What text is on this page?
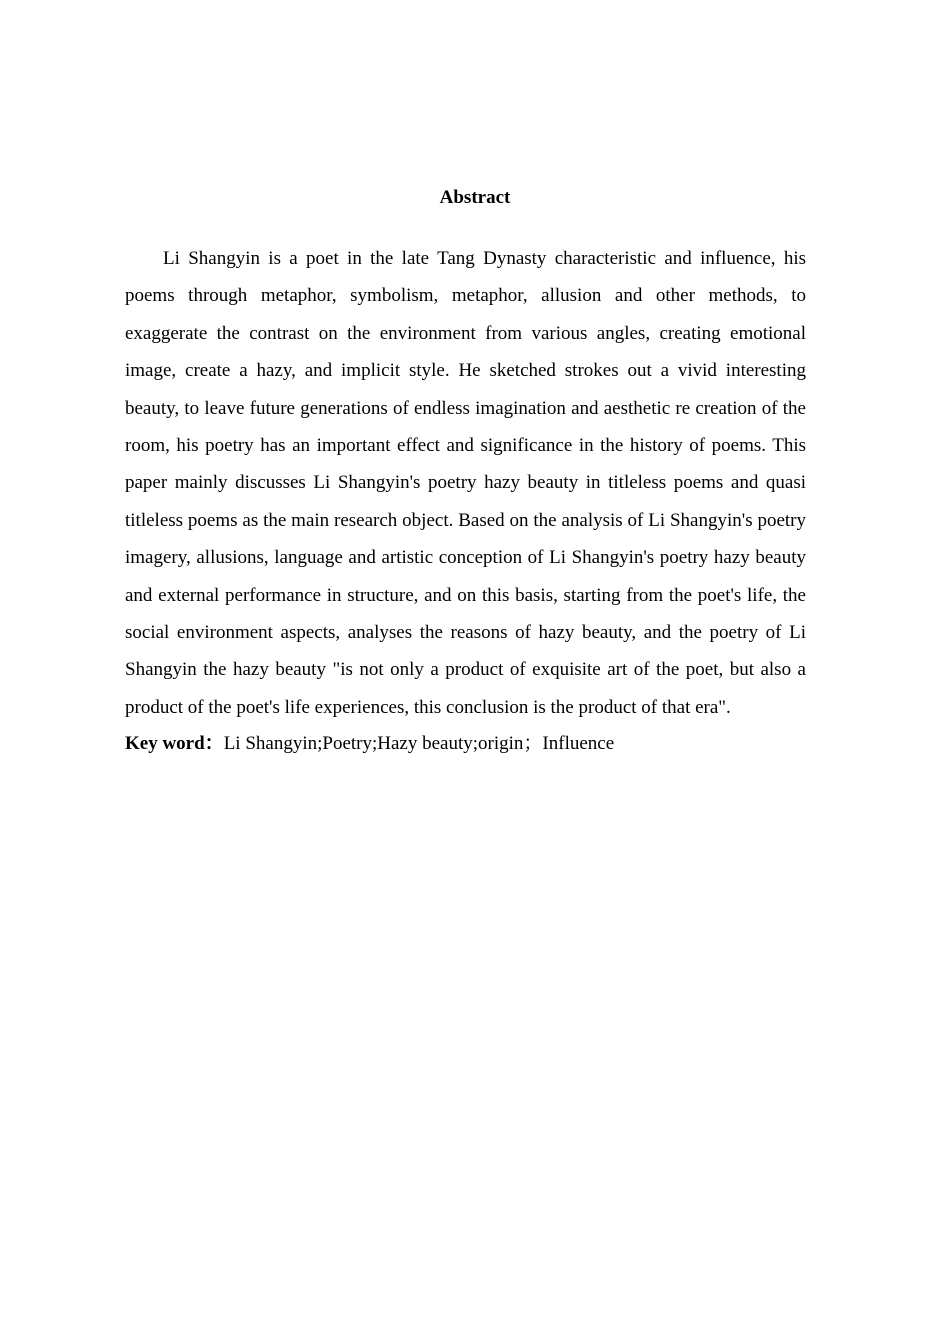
Abstract

Li Shangyin is a poet in the late Tang Dynasty characteristic and influence, his poems through metaphor, symbolism, metaphor, allusion and other methods, to exaggerate the contrast on the environment from various angles, creating emotional image, create a hazy, and implicit style. He sketched strokes out a vivid interesting beauty, to leave future generations of endless imagination and aesthetic re creation of the room, his poetry has an important effect and significance in the history of poems. This paper mainly discusses Li Shangyin's poetry hazy beauty in titleless poems and quasi titleless poems as the main research object. Based on the analysis of Li Shangyin's poetry imagery, allusions, language and artistic conception of Li Shangyin's poetry hazy beauty and external performance in structure, and on this basis, starting from the poet's life, the social environment aspects, analyses the reasons of hazy beauty, and the poetry of Li Shangyin the hazy beauty "is not only a product of exquisite art of the poet, but also a product of the poet's life experiences, this conclusion is the product of that era".

Key word：Li Shangyin;Poetry;Hazy beauty;origin；Influence
